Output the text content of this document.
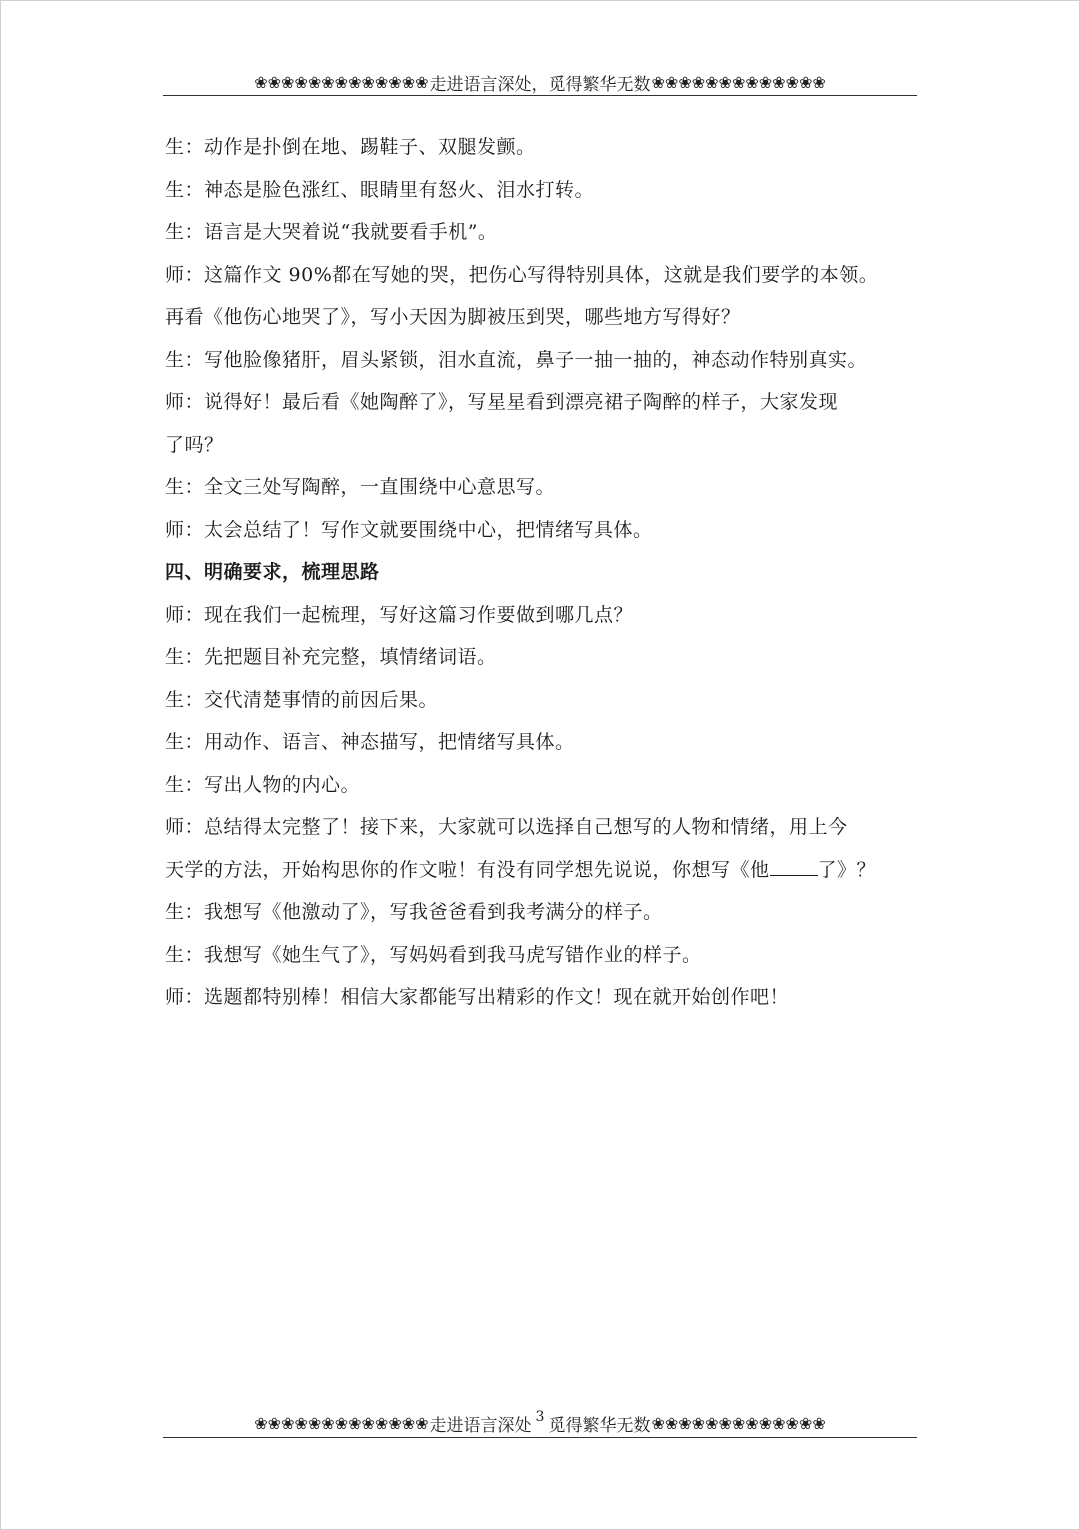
❀❀❀❀❀❀❀❀❀❀❀❀❀ 走进语言深处，觅得繁华无数 ❀❀❀❀❀❀❀❀❀❀❀❀❀
生：动作是扑倒在地、踢鞋子、双腿发颤。
生：神态是脸色涨红、眼睛里有怒火、泪水打转。
生：语言是大哭着说“我就要看手机”。
师：这篇作文 90%都在写她的哭，把伤心写得特别具体，这就是我们要学的本领。
再看《他伤心地哭了》，写小天因为脚被压到哭，哪些地方写得好？
生：写他脸像猪肝，眉头紧锁，泪水直流，鼻子一抽一抽的，神态动作特别真实。
师：说得好！最后看《她陶醉了》，写星星看到漂亮裙子陶醉的样子，大家发现
了吗？
生：全文三处写陶醉，一直围绕中心意思写。
师：太会总结了！写作文就要围绕中心，把情绪写具体。
四、明确要求，梳理思路
师：现在我们一起梳理，写好这篇习作要做到哪几点？
生：先把题目补充完整，填情绪词语。
生：交代清楚事情的前因后果。
生：用动作、语言、神态描写，把情绪写具体。
生：写出人物的内心。
师：总结得太完整了！接下来，大家就可以选择自己想写的人物和情绪，用上今
天学的方法，开始构思你的作文啦！有没有同学想先说说，你想写《他	了》？
生：我想写《他激动了》，写我爸爸看到我考满分的样子。
生：我想写《她生气了》，写妈妈看到我马虎写错作业的样子。
师：选题都特别棒！相信大家都能写出精彩的作文！现在就开始创作吧！
❀❀❀❀❀❀❀❀❀❀❀❀❀ 走进语言深处 3 觅得繁华无数 ❀❀❀❀❀❀❀❀❀❀❀❀❀
